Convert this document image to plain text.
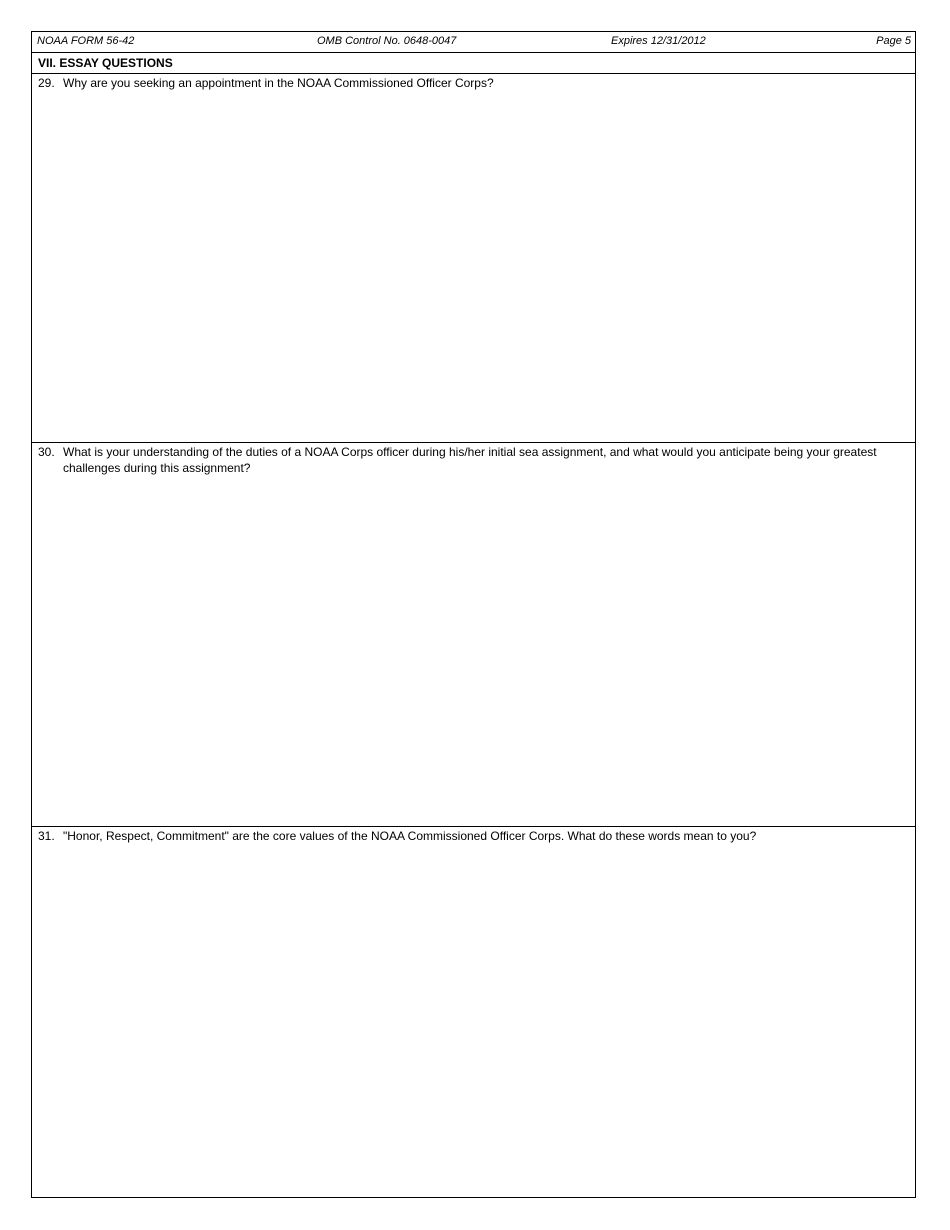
NOAA FORM 56-42	OMB Control No. 0648-0047	Expires 12/31/2012	Page 5
VII. ESSAY QUESTIONS
29. Why are you seeking an appointment in the NOAA Commissioned Officer Corps?
30. What is your understanding of the duties of a NOAA Corps officer during his/her initial sea assignment, and what would you anticipate being your greatest challenges during this assignment?
31. "Honor, Respect, Commitment" are the core values of the NOAA Commissioned Officer Corps. What do these words mean to you?
